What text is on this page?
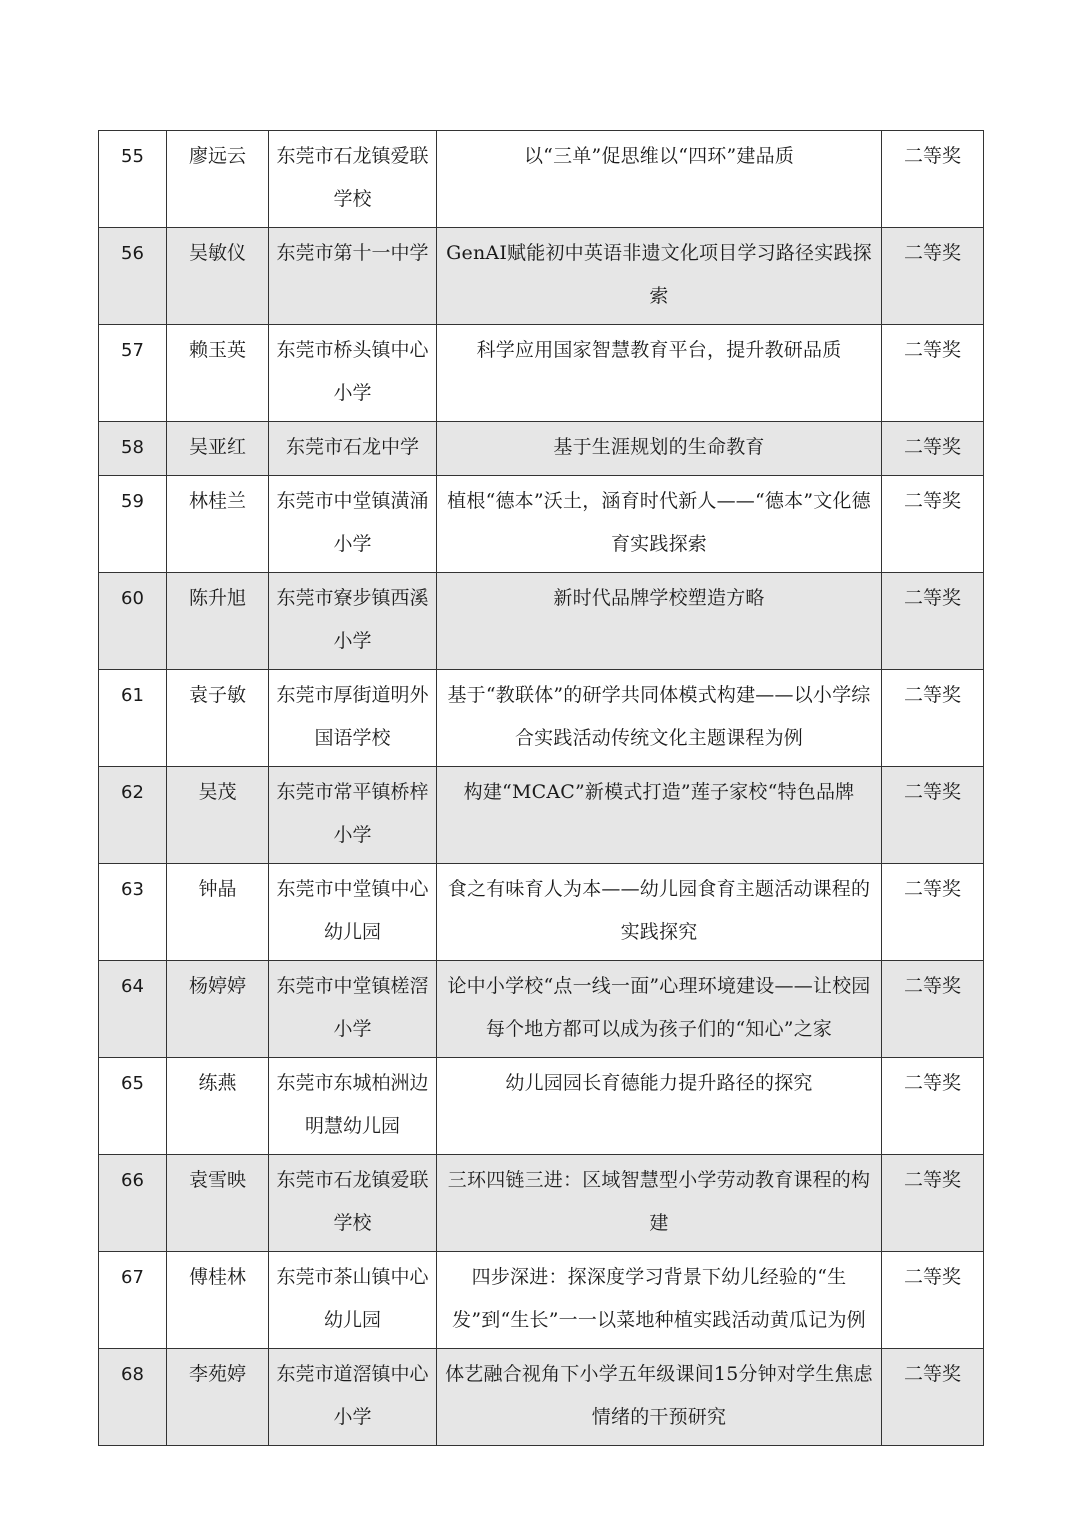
55	廖远云	东莞市石龙镇爱联学校	以“三单”促思维以“四环”建品质	二等奖
56	吴敏仪	东莞市第十一中学	GenAI赋能初中英语非遗文化项目学习路径实践探索	二等奖
57	赖玉英	东莞市桥头镇中心小学	科学应用国家智慧教育平台，提升教研品质	二等奖
58	吴亚红	东莞市石龙中学	基于生涯规划的生命教育	二等奖
59	林桂兰	东莞市中堂镇潢涌小学	植根“德本”沃土，涵育时代新人——“德本”文化德育实践探索	二等奖
60	陈升旭	东莞市寮步镇西溪小学	新时代品牌学校塑造方略	二等奖
61	袁子敏	东莞市厚街道明外国语学校	基于“教联体”的研学共同体模式构建——以小学综合实践活动传统文化主题课程为例	二等奖
62	吴茂	东莞市常平镇桥梓小学	构建“MCAC”新模式打造”莲子家校“特色品牌	二等奖
63	钟晶	东莞市中堂镇中心幼儿园	食之有味育人为本——幼儿园食育主题活动课程的实践探究	二等奖
64	杨婷婷	东莞市中堂镇槎滘小学	论中小学校“点一线一面”心理环境建设——让校园每个地方都可以成为孩子们的“知心”之家	二等奖
65	练燕	东莞市东城柏洲边明慧幼儿园	幼儿园园长育德能力提升路径的探究	二等奖
66	袁雪映	东莞市石龙镇爱联学校	三环四链三进：区域智慧型小学劳动教育课程的构建	二等奖
67	傅桂林	东莞市茶山镇中心幼儿园	四步深进：探深度学习背景下幼儿经验的“生发”到“生长”一一以菜地种植实践活动黄瓜记为例	二等奖
68	李苑婷	东莞市道滘镇中心小学	体艺融合视角下小学五年级课间15分钟对学生焦虑情绪的干预研究	二等奖
